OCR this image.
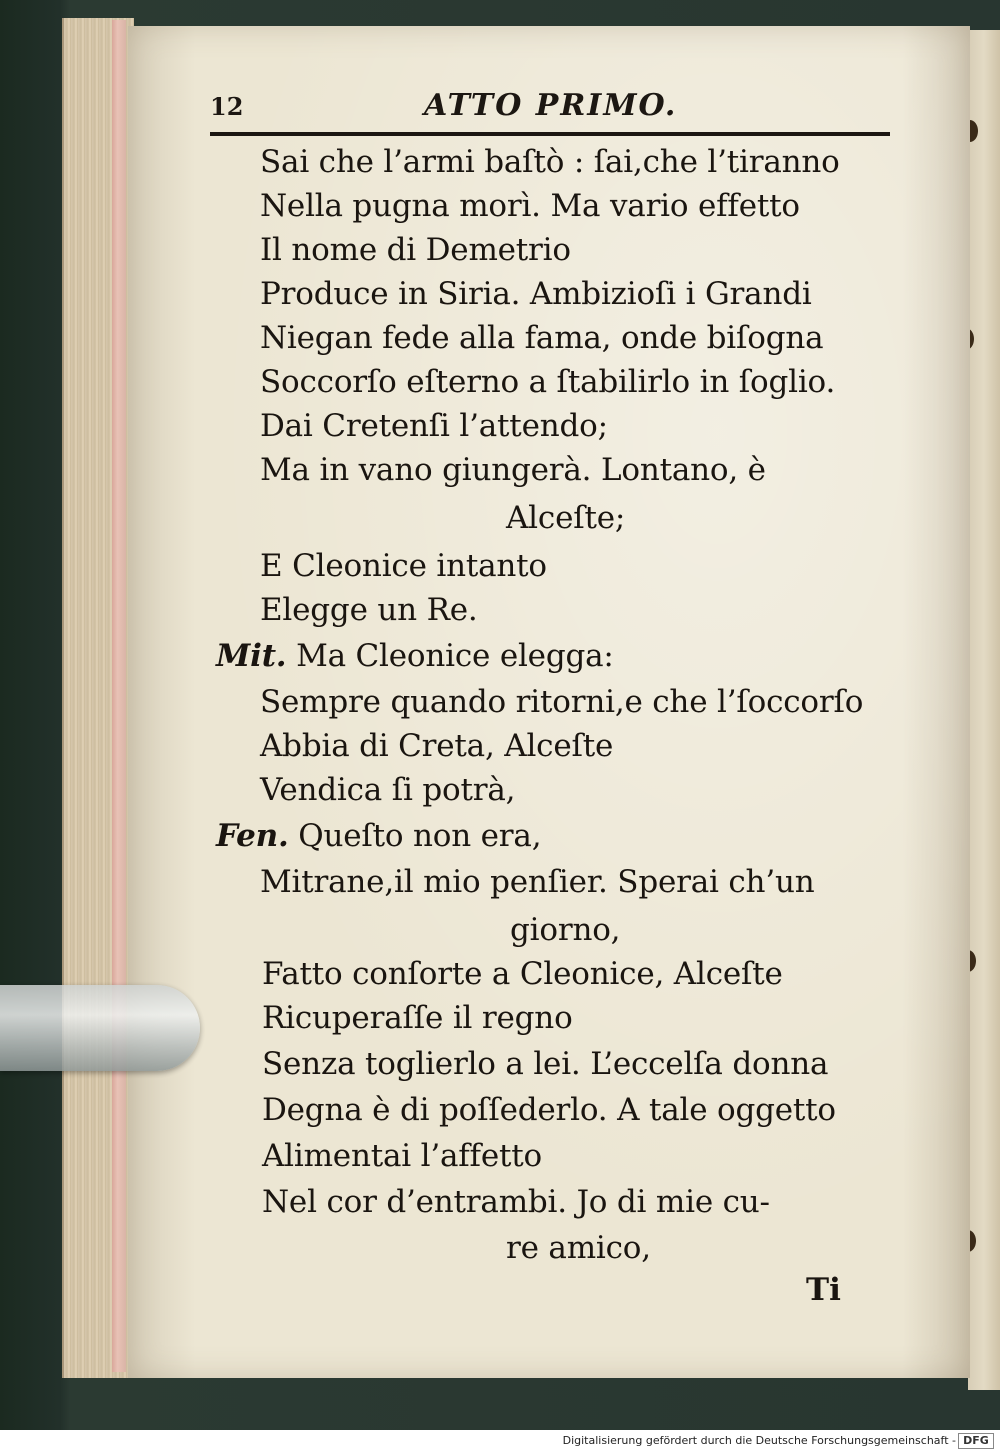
12	ATTO PRIMO.
Sai che l’armi baſtò : ſai,che l’tiranno
Nella pugna morì. Ma vario effetto
Il nome di Demetrio
Produce in Siria. Ambizioſi i Grandi
Niegan fede alla fama, onde biſogna
Soccorſo eſterno a ſtabilirlo in ſoglio.
Dai Cretenſi l’attendo;
Ma in vano giungerà. Lontano, è
Alceſte;
E Cleonice intanto
Elegge un Re.
Mit. Ma Cleonice elegga:
Sempre quando ritorni,e che l’ſoccorſo
Abbia di Creta, Alceſte
Vendica ſi potrà,
Fen. Queſto non era,
Mitrane,il mio penſier. Sperai ch’un
giorno,
Fatto conſorte a Cleonice, Alceſte
Ricuperaſſe il regno
Senza toglierlo a lei. L’eccelſa donna
Degna è di poſſederlo. A tale oggetto
Alimentai l’affetto
Nel cor d’entrambi. Jo di mie cu-
re amico,
Ti
Digitalisierung gefördert durch die Deutsche Forschungsgemeinschaft - DFG
